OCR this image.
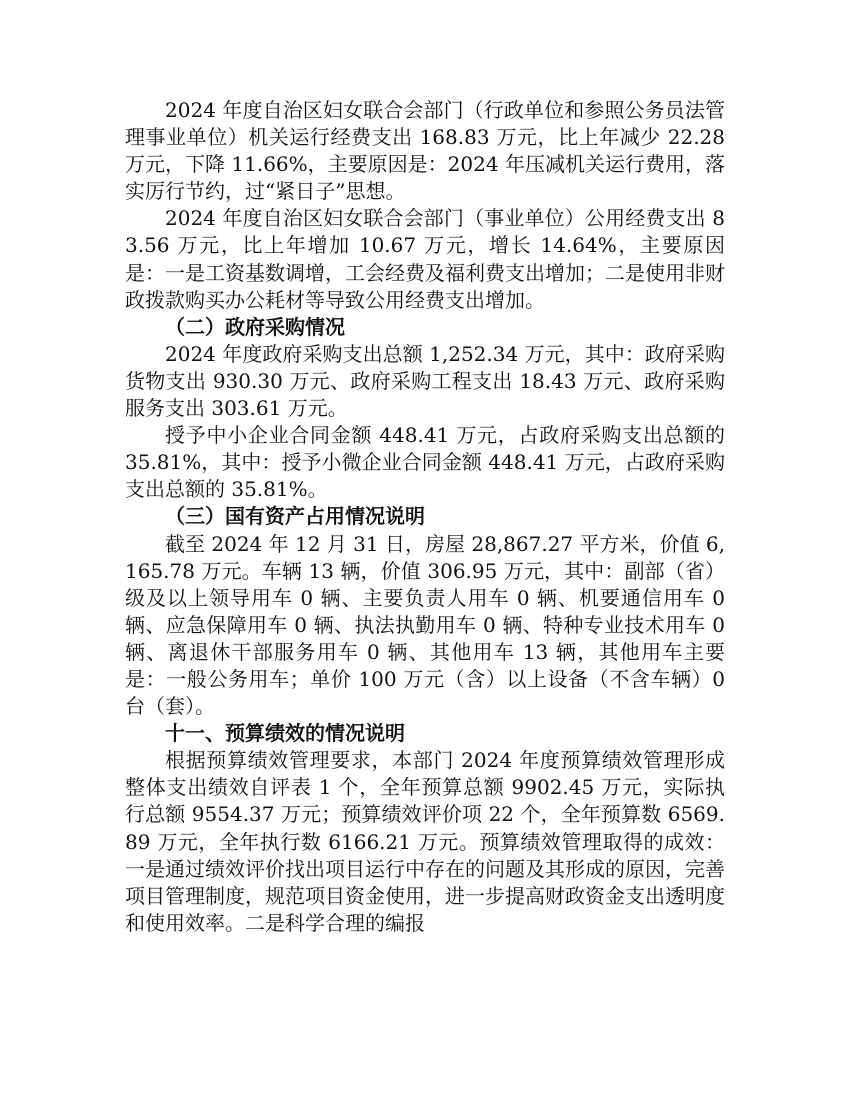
2024 年度自治区妇女联合会部门（行政单位和参照公务员法管理事业单位）机关运行经费支出 168.83 万元，比上年减少 22.28 万元，下降 11.66%，主要原因是：2024 年压减机关运行费用，落实厉行节约，过“紧日子”思想。

2024 年度自治区妇女联合会部门（事业单位）公用经费支出 83.56 万元，比上年增加 10.67 万元，增长 14.64%，主要原因是：一是工资基数调增，工会经费及福利费支出增加；二是使用非财政拨款购买办公耗材等导致公用经费支出增加。

（二）政府采购情况

2024 年度政府采购支出总额 1,252.34 万元，其中：政府采购货物支出 930.30 万元、政府采购工程支出 18.43 万元、政府采购服务支出 303.61 万元。

授予中小企业合同金额 448.41 万元，占政府采购支出总额的 35.81%，其中：授予小微企业合同金额 448.41 万元，占政府采购支出总额的 35.81%。

（三）国有资产占用情况说明

截至 2024 年 12 月 31 日，房屋 28,867.27 平方米，价值 6,165.78 万元。车辆 13 辆，价值 306.95 万元，其中：副部（省）级及以上领导用车 0 辆、主要负责人用车 0 辆、机要通信用车 0 辆、应急保障用车 0 辆、执法执勤用车 0 辆、特种专业技术用车 0 辆、离退休干部服务用车 0 辆、其他用车 13 辆，其他用车主要是：一般公务用车；单价 100 万元（含）以上设备（不含车辆）0 台（套）。

十一、预算绩效的情况说明

根据预算绩效管理要求，本部门 2024 年度预算绩效管理形成整体支出绩效自评表 1 个，全年预算总额 9902.45 万元，实际执行总额 9554.37 万元；预算绩效评价项 22 个，全年预算数 6569.89 万元，全年执行数 6166.21 万元。预算绩效管理取得的成效：一是通过绩效评价找出项目运行中存在的问题及其形成的原因，完善项目管理制度，规范项目资金使用，进一步提高财政资金支出透明度和使用效率。二是科学合理的编报
